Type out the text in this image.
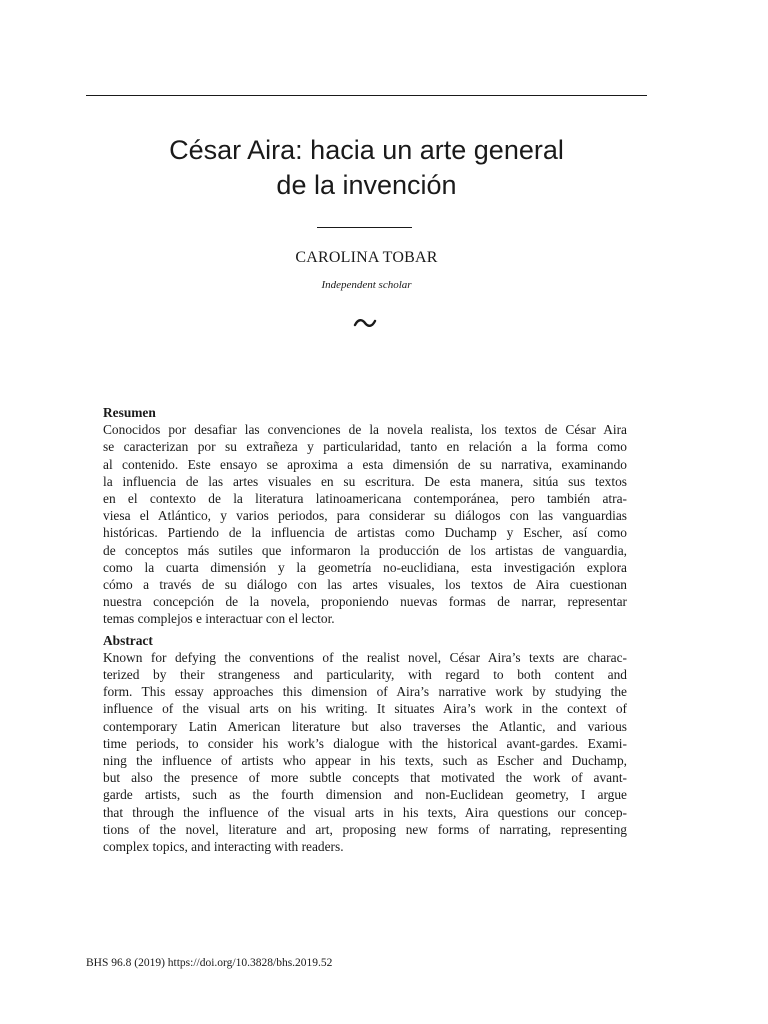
César Aira: hacia un arte general
de la invención
CAROLINA TOBAR
Independent scholar

Resumen

Conocidos por desafiar las convenciones de la novela realista, los textos de César Aira
se caracterizan por su extrañeza y particularidad, tanto en relación a la forma como
al contenido. Este ensayo se aproxima a esta dimensión de su narrativa, examinando
la influencia de las artes visuales en su escritura. De esta manera, sitúa sus textos
en el contexto de la literatura latinoamericana contemporánea, pero también atra-
viesa el Atlántico, y varios periodos, para considerar su diálogos con las vanguardias
históricas. Partiendo de la influencia de artistas como Duchamp y Escher, así como
de conceptos más sutiles que informaron la producción de los artistas de vanguardia,
como la cuarta dimensión y la geometría no-euclidiana, esta investigación explora
cómo a través de su diálogo con las artes visuales, los textos de Aira cuestionan
nuestra concepción de la novela, proponiendo nuevas formas de narrar, representar
temas complejos e interactuar con el lector.

Abstract

Known for defying the conventions of the realist novel, César Aira’s texts are charac-
terized by their strangeness and particularity, with regard to both content and
form. This essay approaches this dimension of Aira’s narrative work by studying the
influence of the visual arts on his writing. It situates Aira’s work in the context of
contemporary Latin American literature but also traverses the Atlantic, and various
time periods, to consider his work’s dialogue with the historical avant-gardes. Exami-
ning the influence of artists who appear in his texts, such as Escher and Duchamp,
but also the presence of more subtle concepts that motivated the work of avant-
garde artists, such as the fourth dimension and non-Euclidean geometry, I argue
that through the influence of the visual arts in his texts, Aira questions our concep-
tions of the novel, literature and art, proposing new forms of narrating, representing
complex topics, and interacting with readers.

BHS 96.8 (2019) https://doi.org/10.3828/bhs.2019.52
